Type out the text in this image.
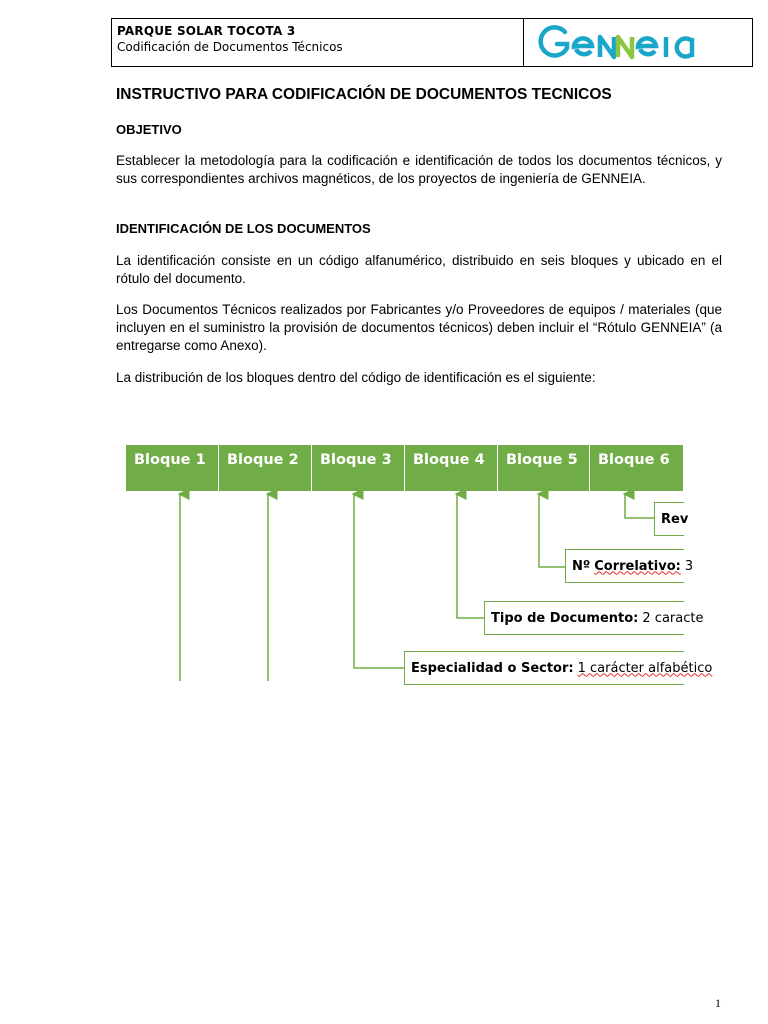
PARQUE SOLAR TOCOTA 3
Codificación de Documentos Técnicos
INSTRUCTIVO PARA CODIFICACIÓN DE DOCUMENTOS TECNICOS
OBJETIVO
Establecer la metodología para la codificación e identificación de todos los documentos técnicos, y sus correspondientes archivos magnéticos, de los proyectos de ingeniería de GENNEIA.
IDENTIFICACIÓN DE LOS DOCUMENTOS
La identificación consiste en un código alfanumérico, distribuido en seis bloques y ubicado en el rótulo del documento.
Los Documentos Técnicos realizados por Fabricantes y/o Proveedores de equipos / materiales (que incluyen en el suministro la provisión de documentos técnicos) deben incluir el “Rótulo GENNEIA” (a entregarse como Anexo).
La distribución de los bloques dentro del código de identificación es el siguiente:
Bloque 1	Bloque 2	Bloque 3	Bloque 4	Bloque 5	Bloque 6
Rev
Nº Correlativo: 3
Tipo de Documento: 2 caracte
Especialidad o Sector: 1 carácter alfabético
1
